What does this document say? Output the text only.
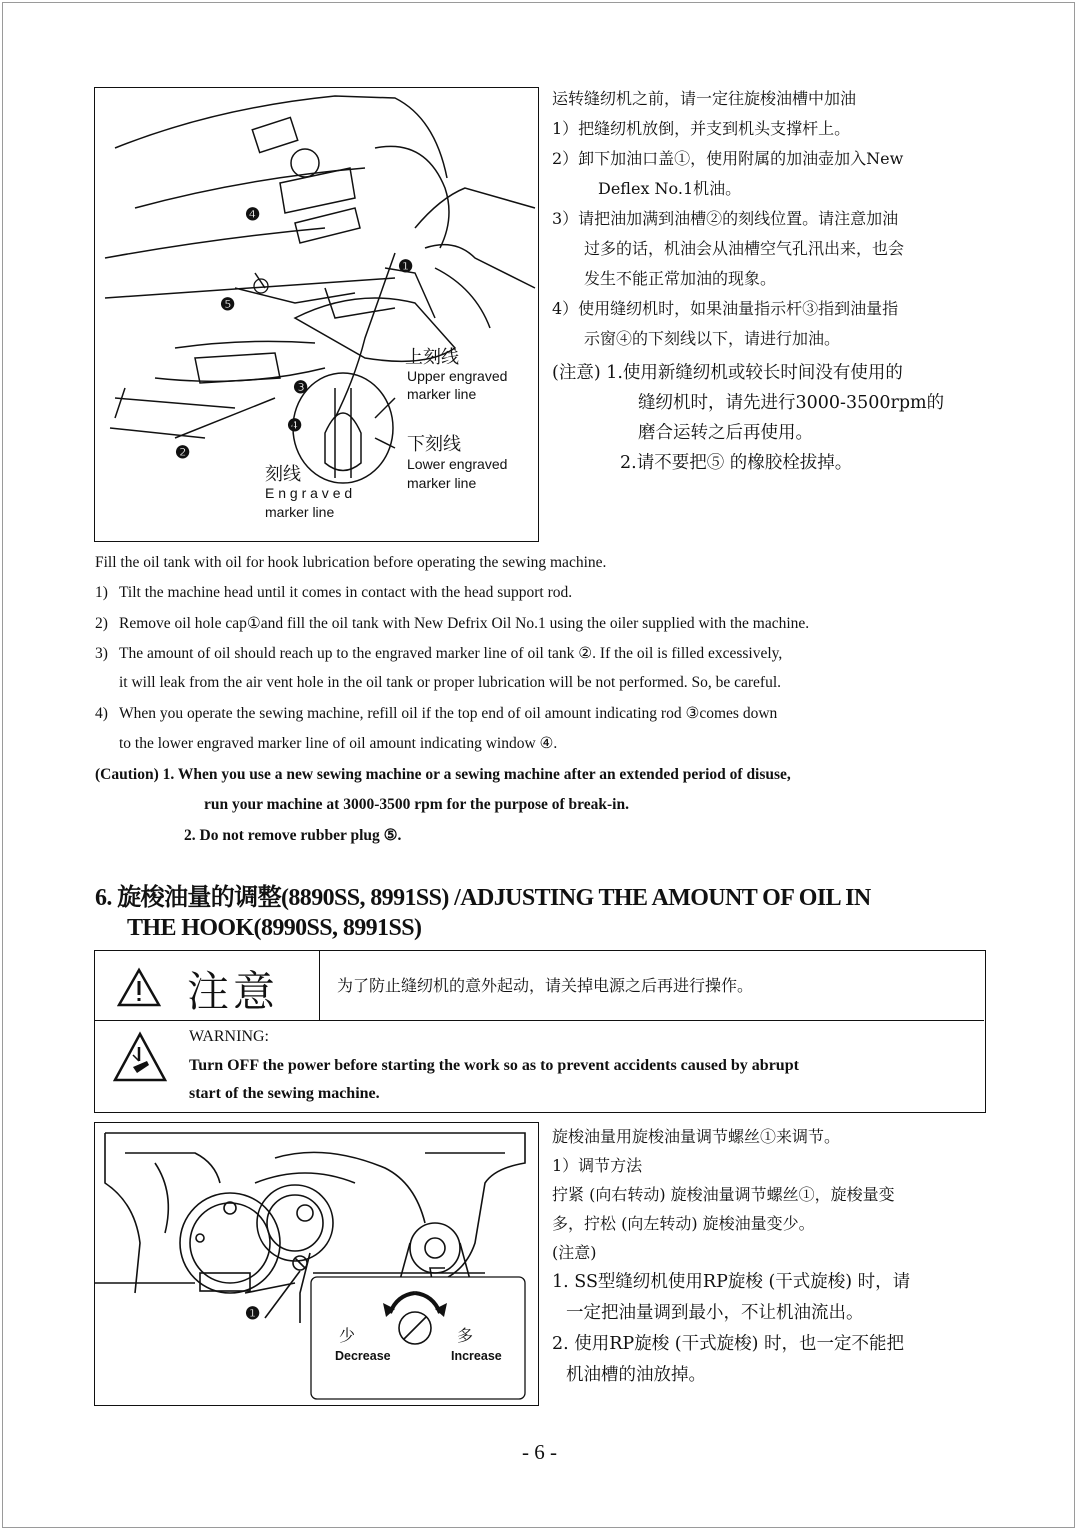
❹
❶
❺
❸
❹
❷
上刻线
Upper engraved
marker line
下刻线
Lower engraved
marker line
刻线
E n g r a v e d
marker line
运转缝纫机之前，请一定往旋梭油槽中加油
1）把缝纫机放倒，并支到机头支撑杆上。
2）卸下加油口盖①，使用附属的加油壶加入New
Deflex No.1机油。
3）请把油加满到油槽②的刻线位置。请注意加油
过多的话，机油会从油槽空气孔汛出来，也会
发生不能正常加油的现象。
4）使用缝纫机时，如果油量指示杆③指到油量指
示窗④的下刻线以下，请进行加油。
(注意) 1.使用新缝纫机或较长时间没有使用的
缝纫机时，请先进行3000-3500rpm的
磨合运转之后再使用。
2.请不要把⑤ 的橡胶栓拔掉。
Fill the oil tank with oil for hook lubrication before operating the sewing machine.
1) Tilt the machine head until it comes in contact with the head support rod.
2) Remove oil hole cap①and fill the oil tank with New Defrix Oil No.1 using the oiler supplied with the machine.
3) The amount of oil should reach up to the engraved marker line of oil tank ②. If the oil is filled excessively,
it will leak from the air vent hole in the oil tank or proper lubrication will be not performed. So, be careful.
4) When you operate the sewing machine, refill oil if the top end of oil amount indicating rod ③comes down
to the lower engraved marker line of oil amount indicating window ④.
(Caution) 1. When you use a new sewing machine or a sewing machine after an extended period of disuse,
run your machine at 3000-3500 rpm for the purpose of break-in.
2. Do not remove rubber plug ⑤.
6. 旋梭油量的调整(8890SS, 8991SS) /ADJUSTING THE AMOUNT OF OIL IN
THE HOOK(8990SS, 8991SS)
注意	为了防止缝纫机的意外起动，请关掉电源之后再进行操作。
WARNING:
Turn OFF the power before starting the work so as to prevent accidents caused by abrupt
start of the sewing machine.
❶
少	多
Decrease	Increase
旋梭油量用旋梭油量调节螺丝①来调节。
1）调节方法
拧紧 (向右转动) 旋梭油量调节螺丝①，旋梭量变
多，拧松 (向左转动) 旋梭油量变少。
(注意)
1. SS型缝纫机使用RP旋梭 (干式旋梭) 时，请
一定把油量调到最小，不让机油流出。
2. 使用RP旋梭 (干式旋梭) 时，也一定不能把
机油槽的油放掉。
- 6 -
